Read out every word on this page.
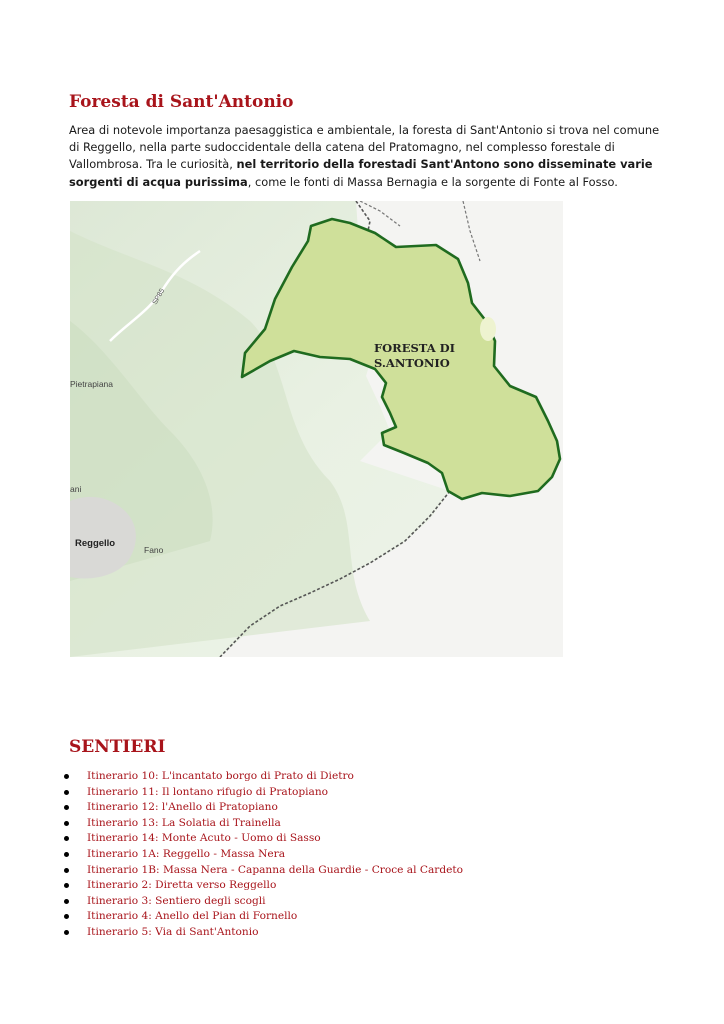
Foresta di Sant'Antonio

Area di notevole importanza paesaggistica e ambientale, la foresta di Sant'Antonio si trova nel comune di Reggello, nella parte sudoccidentale della catena del Pratomagno, nel complesso forestale di Vallombrosa. Tra le curiosità, nel territorio della forestadi Sant'Antono sono disseminate varie sorgenti di acqua purissima, come le fonti di Massa Bernagia e la sorgente di Fonte al Fosso.

FORESTA DI
S.ANTONIO
Pietrapiana
ani
Reggello
Fano
SP85
SENTIERI
Itinerario 10: L'incantato borgo di Prato di Dietro
Itinerario 11: Il lontano rifugio di Pratopiano
Itinerario 12: l'Anello di Pratopiano
Itinerario 13: La Solatia di Trainella
Itinerario 14: Monte Acuto - Uomo di Sasso
Itinerario 1A: Reggello - Massa Nera
Itinerario 1B: Massa Nera - Capanna della Guardie - Croce al Cardeto
Itinerario 2: Diretta verso Reggello
Itinerario 3: Sentiero degli scogli
Itinerario 4: Anello del Pian di Fornello
Itinerario 5: Via di Sant'Antonio
